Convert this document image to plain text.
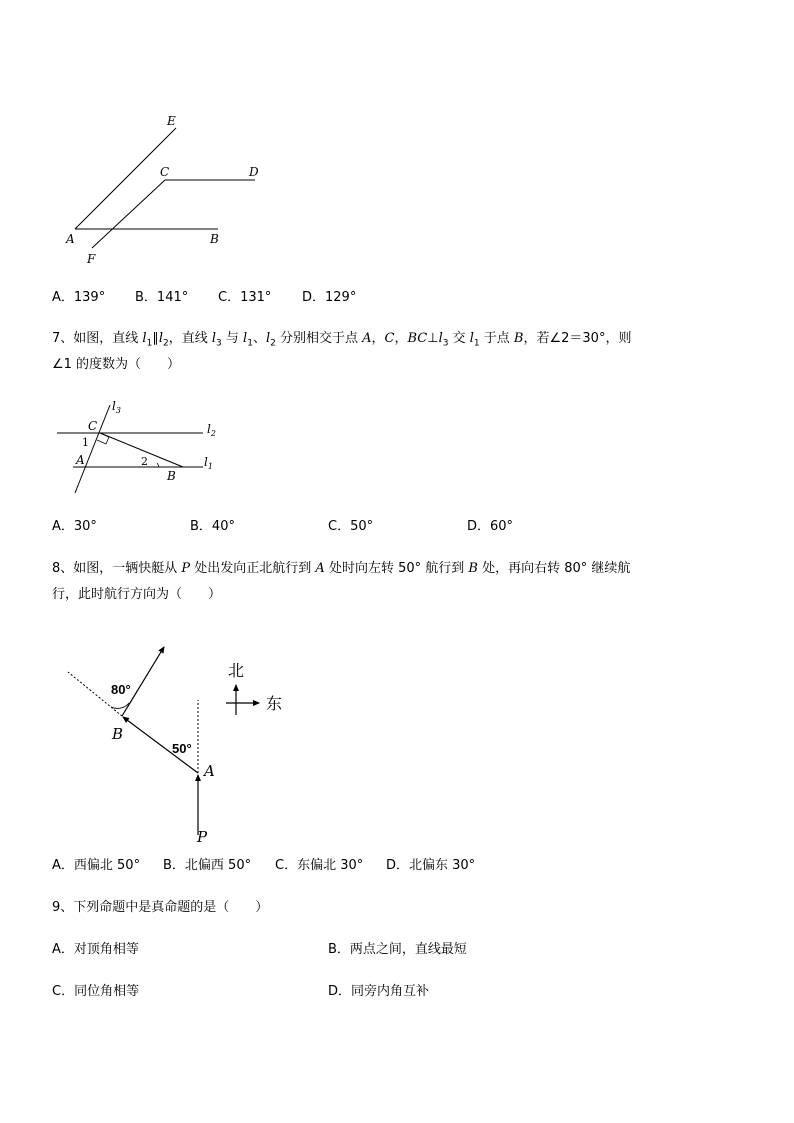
E
C	D
A	B
F
A．139° B．141° C．131° D．129°
7、如图，直线 $l_1\parallel l_2$，直线 $l_3$ 与 $l_1$、$l_2$ 分别相交于点 A，C，$BC\perp l_3$ 交 $l_1$ 于点 B，若∠2＝30°，则
∠1 的度数为（　　）
$l_3$
$l_2$
$l_1$
C
1
A	2
B
A．30°	B．40°	C．50°	D．60°
8、如图，一辆快艇从 P 处出发向正北航行到 A 处时向左转 50° 航行到 B 处，再向右转 80° 继续航
行，此时航行方向为（　　）
北
东
80°
50°
B
A
P
A．西偏北 50° B．北偏西 50° C．东偏北 30° D．北偏东 30°
9、下列命题中是真命题的是（　　）
A．对顶角相等	B．两点之间，直线最短
C．同位角相等	D．同旁内角互补
